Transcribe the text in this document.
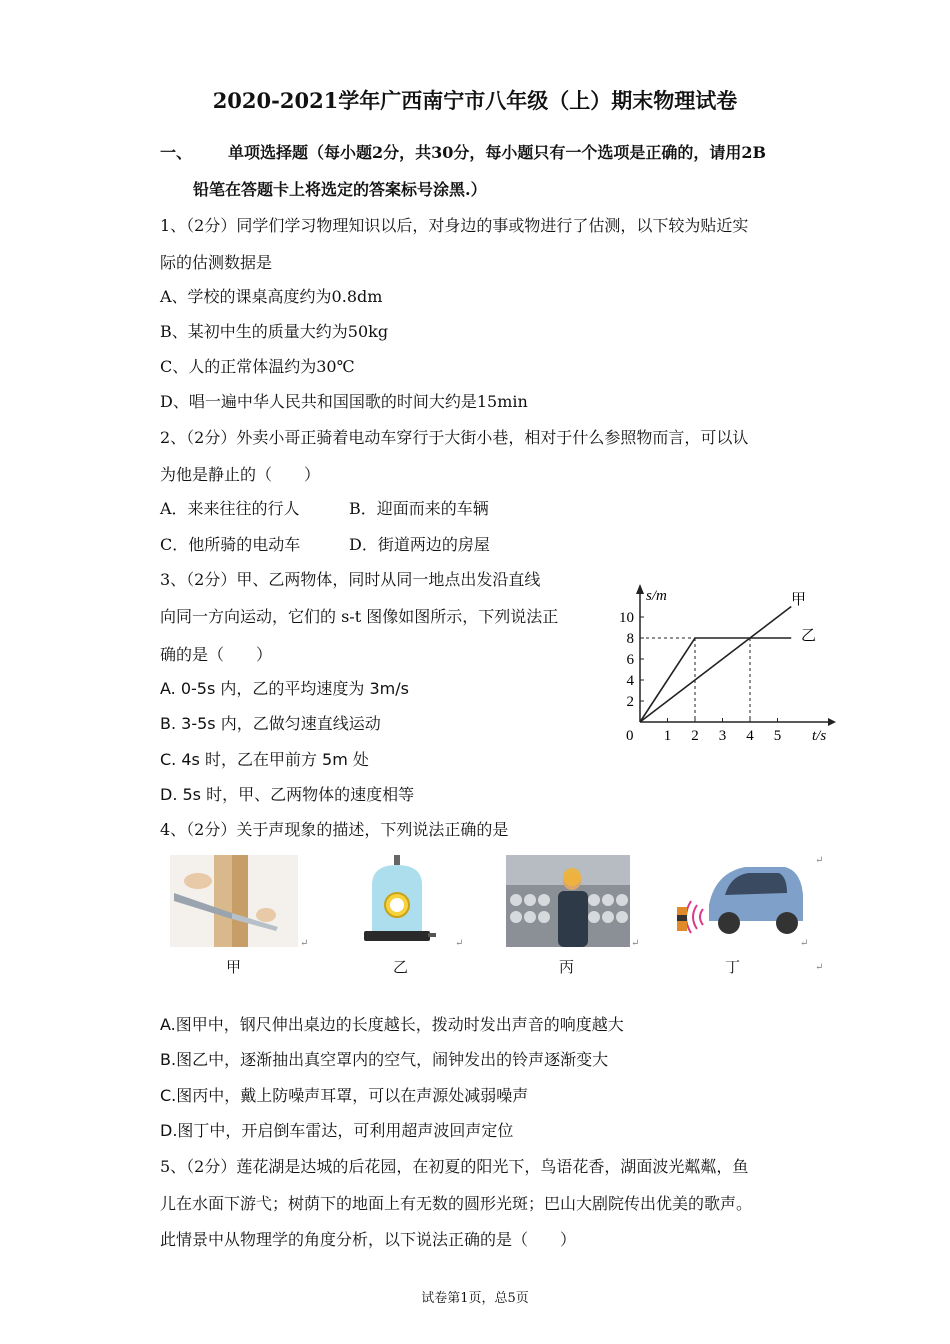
2020-2021学年广西南宁市八年级（上）期末物理试卷
一、 单项选择题（每小题2分，共30分，每小题只有一个选项是正确的，请用2B
铅笔在答题卡上将选定的答案标号涂黑.）
1、（2分）同学们学习物理知识以后，对身边的事或物进行了估测，以下较为贴近实
际的估测数据是
A、学校的课桌高度约为0.8dm
B、某初中生的质量大约为50kg
C、人的正常体温约为30℃
D、唱一遍中华人民共和国国歌的时间大约是15min
2、（2分）外卖小哥正骑着电动车穿行于大街小巷，相对于什么参照物而言，可以认
为他是静止的（　　）
A．来来往往的行人	B．迎面而来的车辆
C．他所骑的电动车	D．街道两边的房屋
3、（2分）甲、乙两物体，同时从同一地点出发沿直线
向同一方向运动，它们的 s-t 图像如图所示，下列说法正
确的是（　　）
A. 0-5s 内，乙的平均速度为 3m/s
B. 3-5s 内，乙做匀速直线运动
C. 4s 时，乙在甲前方 5m 处
D. 5s 时，甲、乙两物体的速度相等
10
8
6
4
2
1 2 3 4 5
s/m
t/s
0
甲
乙
4、（2分）关于声现象的描述，下列说法正确的是
↵	↵	↵	↵
↵
↵
甲	乙	丙	丁
A.图甲中，钢尺伸出桌边的长度越长，拨动时发出声音的响度越大
B.图乙中，逐渐抽出真空罩内的空气，闹钟发出的铃声逐渐变大
C.图丙中，戴上防噪声耳罩，可以在声源处减弱噪声
D.图丁中，开启倒车雷达，可利用超声波回声定位
5、（2分）莲花湖是达城的后花园，在初夏的阳光下，鸟语花香，湖面波光粼粼，鱼
儿在水面下游弋；树荫下的地面上有无数的圆形光斑；巴山大剧院传出优美的歌声。
此情景中从物理学的角度分析，以下说法正确的是（　　）
试卷第1页，总5页
